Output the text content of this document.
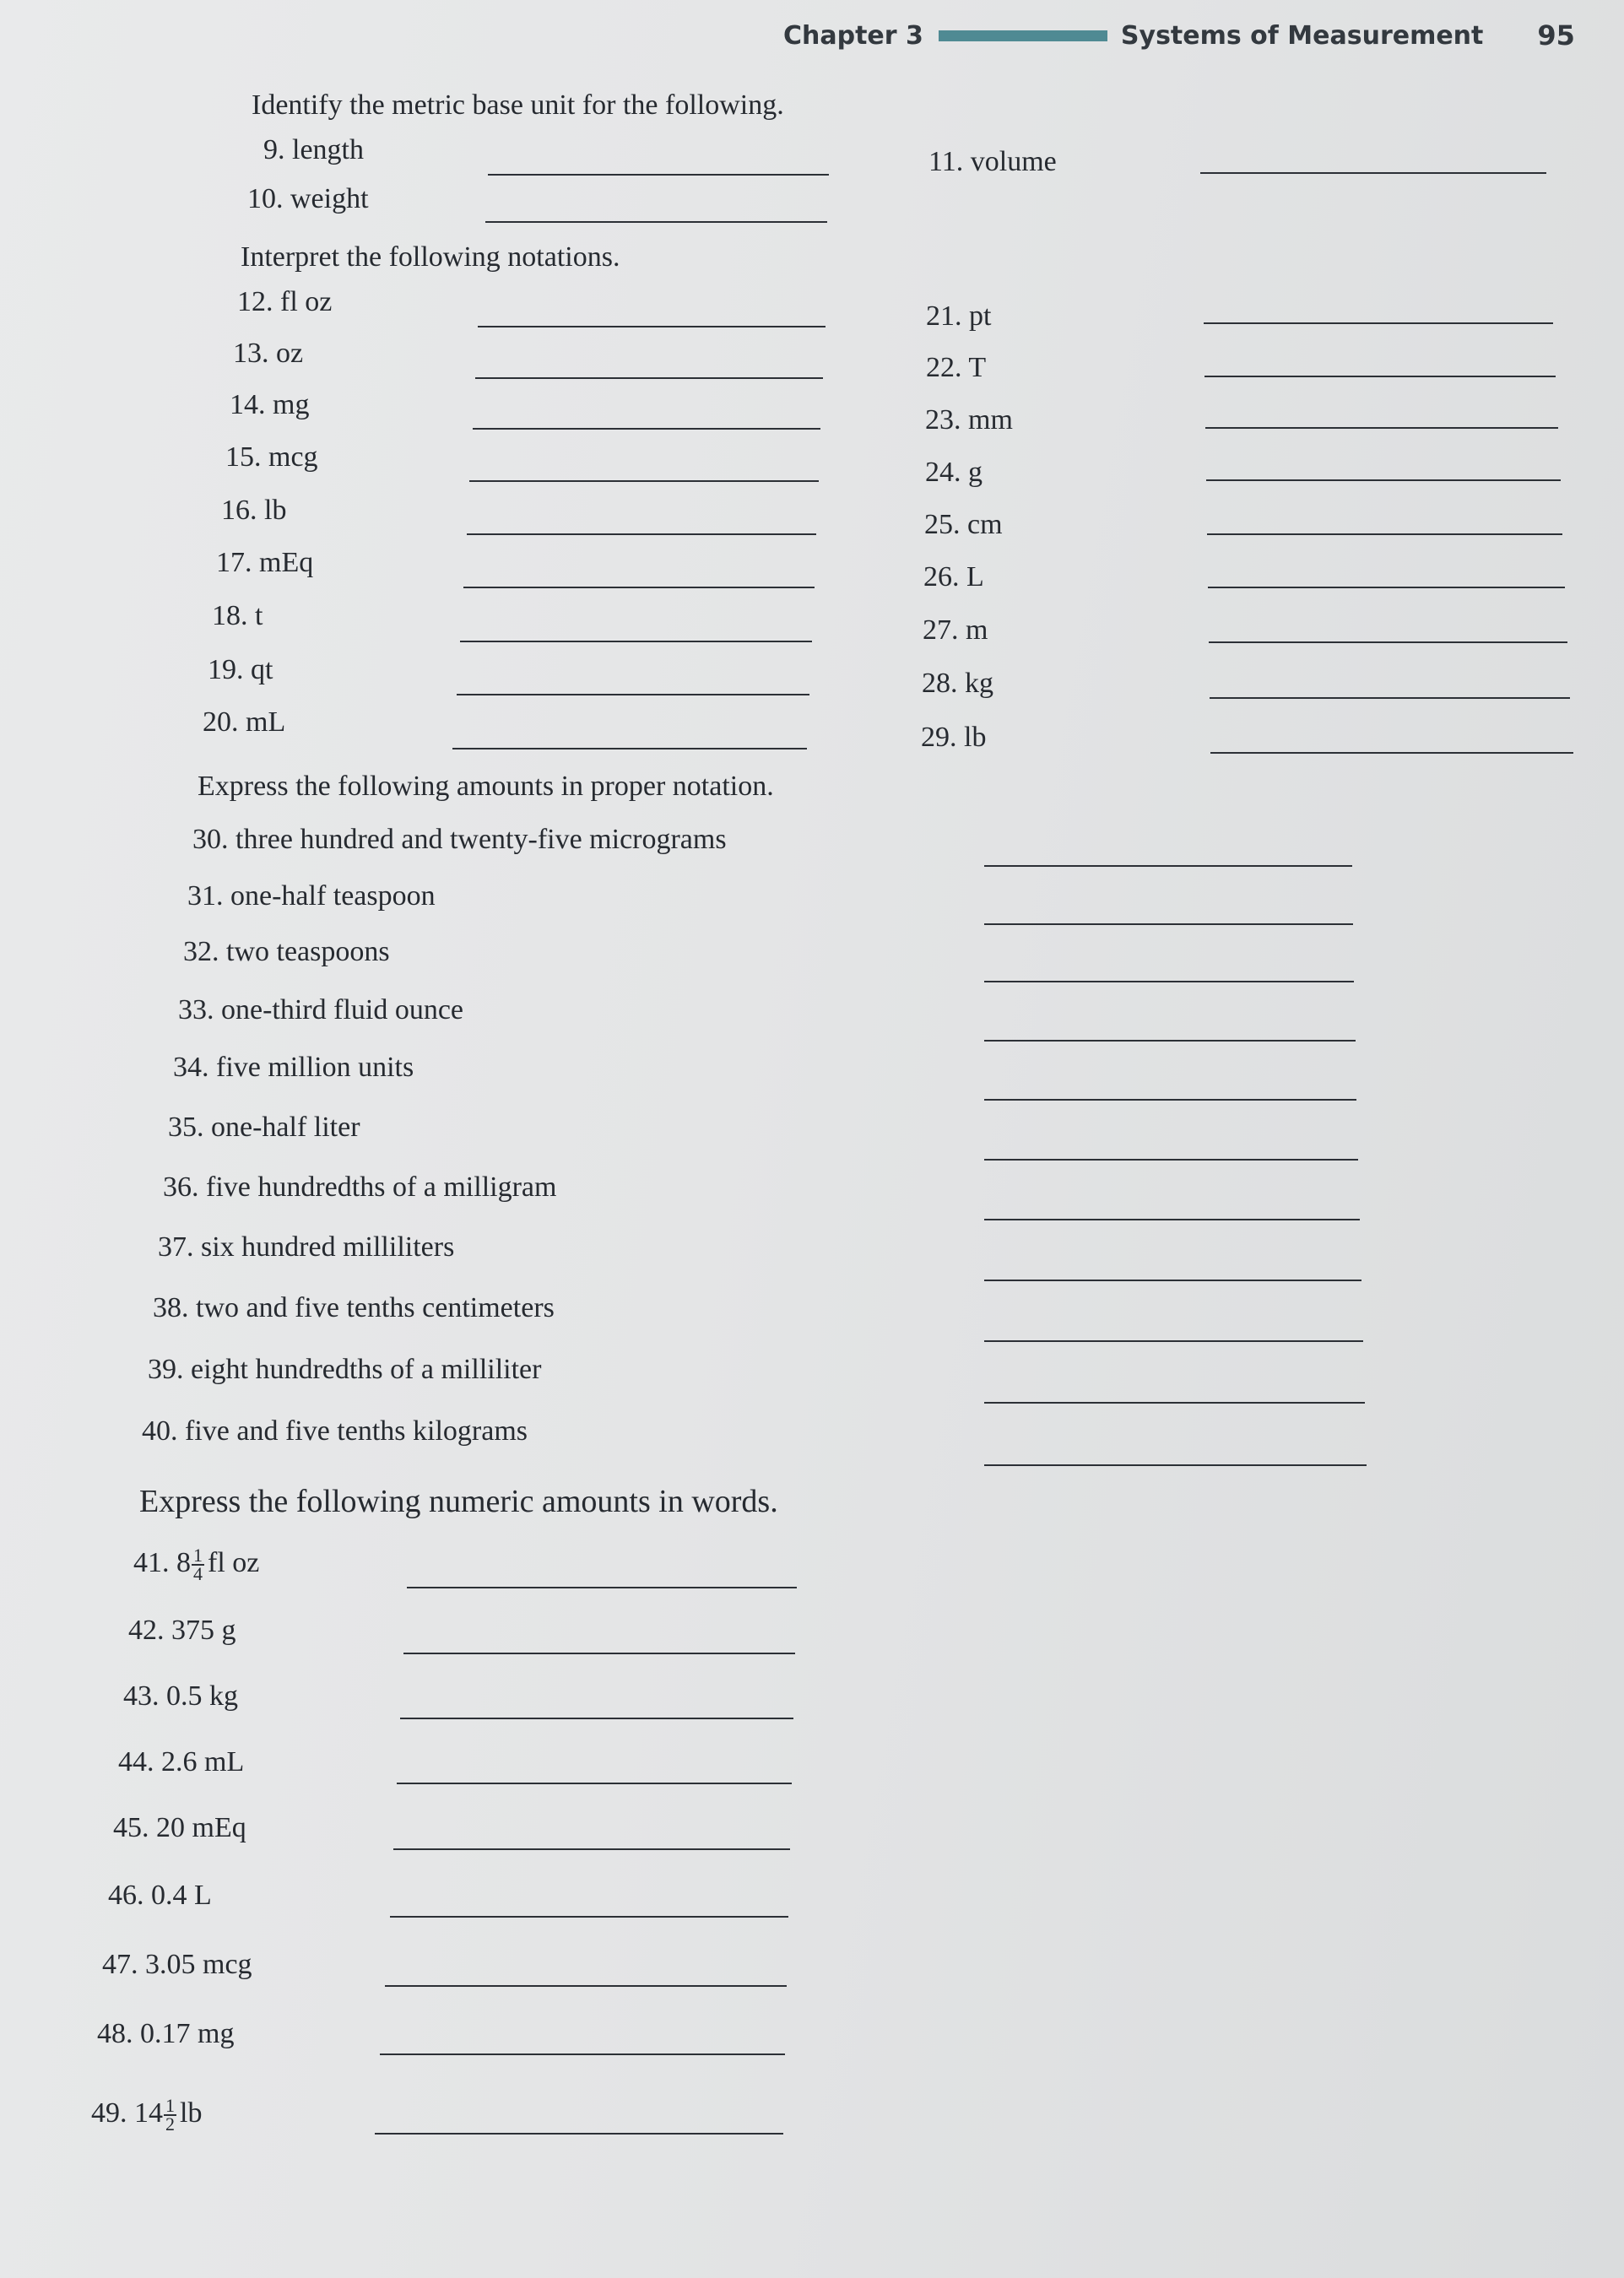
Chapter 3	Systems of Measurement 95
Identify the metric base unit for the following.
9. length
10. weight
11. volume
Interpret the following notations.
12. fl oz
13. oz
14. mg
15. mcg
16. lb
17. mEq
18. t
19. qt
20. mL
21. pt
22. T
23. mm
24. g
25. cm
26. L
27. m
28. kg
29. lb
Express the following amounts in proper notation.
30. three hundred and twenty-five micrograms
31. one-half teaspoon
32. two teaspoons
33. one-third fluid ounce
34. five million units
35. one-half liter
36. five hundredths of a milligram
37. six hundred milliliters
38. two and five tenths centimeters
39. eight hundredths of a milliliter
40. five and five tenths kilograms
Express the following numeric amounts in words.
41. $8 \frac{1}{4}$ fl oz
42. 375 g
43. 0.5 kg
44. 2.6 mL
45. 20 mEq
46. 0.4 L
47. 3.05 mcg
48. 0.17 mg
49. $14 \frac{1}{2}$ lb
